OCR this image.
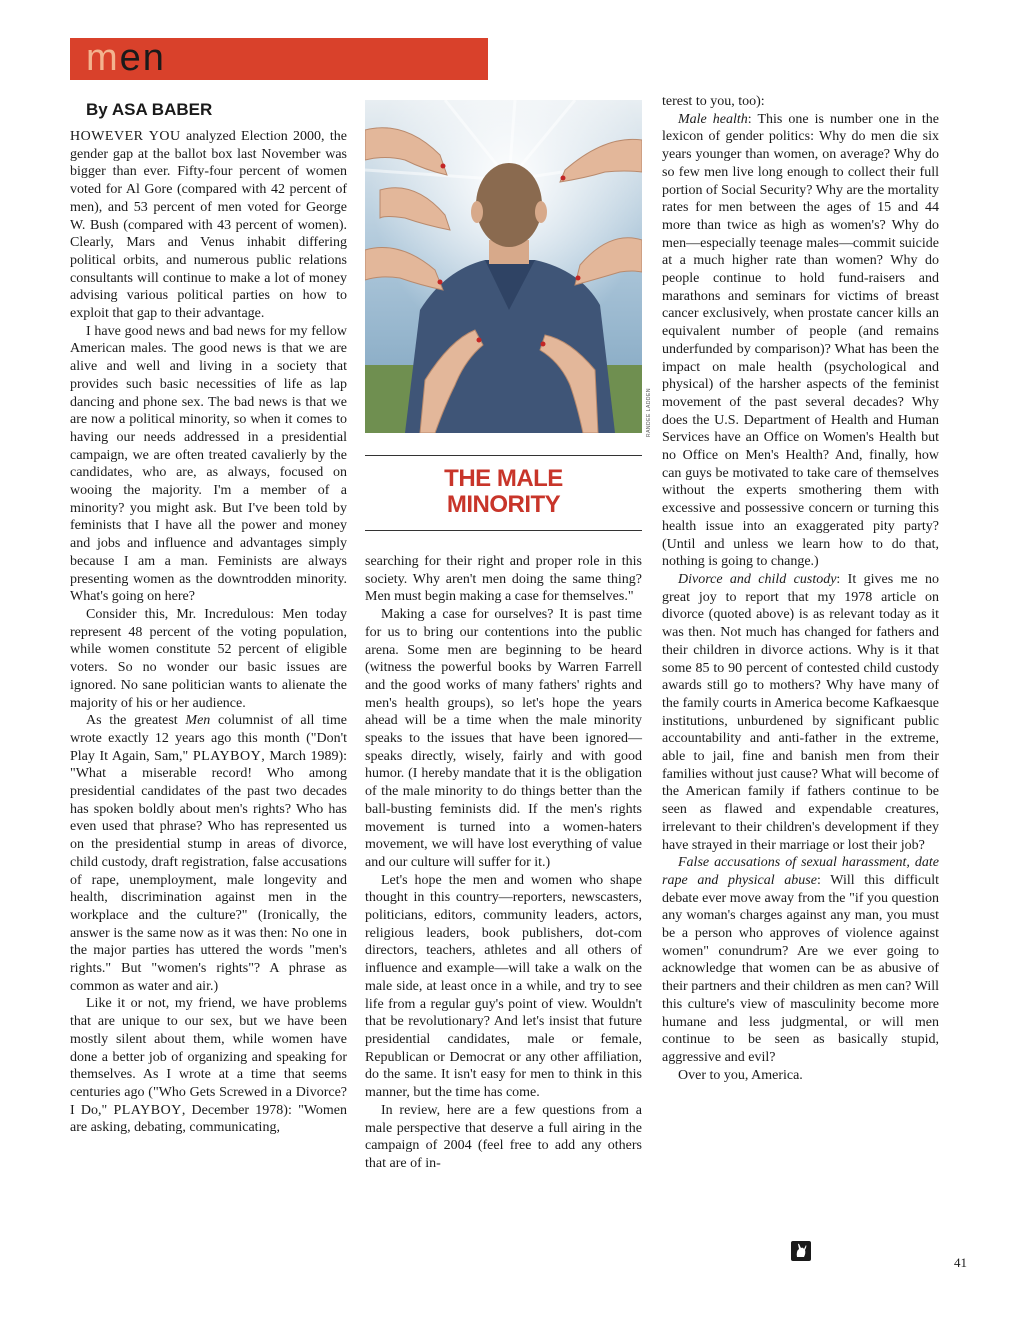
men
By ASA BABER

HOWEVER YOU analyzed Election 2000, the gender gap at the ballot box last November was bigger than ever. Fifty-four percent of women voted for Al Gore (compared with 42 percent of men), and 53 percent of men voted for George W. Bush (compared with 43 percent of women). Clearly, Mars and Venus inhabit differing political orbits, and numerous public relations consultants will continue to make a lot of money advising various political parties on how to exploit that gap to their advantage.

I have good news and bad news for my fellow American males. The good news is that we are alive and well and living in a society that provides such basic necessities of life as lap dancing and phone sex. The bad news is that we are now a political minority, so when it comes to having our needs addressed in a presidential campaign, we are often treated cavalierly by the candidates, who are, as always, focused on wooing the majority. I'm a member of a minority? you might ask. But I've been told by feminists that I have all the power and money and jobs and influence and advantages simply because I am a man. Feminists are always presenting women as the downtrodden minority. What's going on here?

Consider this, Mr. Incredulous: Men today represent 48 percent of the voting population, while women constitute 52 percent of eligible voters. So no wonder our basic issues are ignored. No sane politician wants to alienate the majority of his or her audience.

As the greatest Men columnist of all time wrote exactly 12 years ago this month ("Don't Play It Again, Sam," PLAYBOY, March 1989): "What a miserable record! Who among presidential candidates of the past two decades has spoken boldly about men's rights? Who has even used that phrase? Who has represented us on the presidential stump in areas of divorce, child custody, draft registration, false accusations of rape, unemployment, male longevity and health, discrimination against men in the workplace and the culture?" (Ironically, the answer is the same now as it was then: No one in the major parties has uttered the words "men's rights." But "women's rights"? A phrase as common as water and air.)

Like it or not, my friend, we have problems that are unique to our sex, but we have been mostly silent about them, while women have done a better job of organizing and speaking for themselves. As I wrote at a time that seems centuries ago ("Who Gets Screwed in a Divorce? I Do," PLAYBOY, December 1978): "Women are asking, debating, communicating,

RANDEE LADDEN
THE MALE
MINORITY

searching for their right and proper role in this society. Why aren't men doing the same thing? Men must begin making a case for themselves."

Making a case for ourselves? It is past time for us to bring our contentions into the public arena. Some men are beginning to be heard (witness the powerful books by Warren Farrell and the good works of many fathers' rights and men's health groups), so let's hope the years ahead will be a time when the male minority speaks to the issues that have been ignored—speaks directly, wisely, fairly and with good humor. (I hereby mandate that it is the obligation of the male minority to do things better than the ball-busting feminists did. If the men's rights movement is turned into a women-haters movement, we will have lost everything of value and our culture will suffer for it.)

Let's hope the men and women who shape thought in this country—reporters, newscasters, politicians, editors, community leaders, actors, religious leaders, book publishers, dot-com directors, teachers, athletes and all others of influence and example—will take a walk on the male side, at least once in a while, and try to see life from a regular guy's point of view. Wouldn't that be revolutionary? And let's insist that future presidential candidates, male or female, Republican or Democrat or any other affiliation, do the same. It isn't easy for men to think in this manner, but the time has come.

In review, here are a few questions from a male perspective that deserve a full airing in the campaign of 2004 (feel free to add any others that are of in-

terest to you, too):

Male health: This one is number one in the lexicon of gender politics: Why do men die six years younger than women, on average? Why do so few men live long enough to collect their full portion of Social Security? Why are the mortality rates for men between the ages of 15 and 44 more than twice as high as women's? Why do men—especially teenage males—commit suicide at a much higher rate than women? Why do people continue to hold fund-raisers and marathons and seminars for victims of breast cancer exclusively, when prostate cancer kills an equivalent number of people (and remains underfunded by comparison)? What has been the impact on male health (psychological and physical) of the harsher aspects of the feminist movement of the past several decades? Why does the U.S. Department of Health and Human Services have an Office on Women's Health but no Office on Men's Health? And, finally, how can guys be motivated to take care of themselves without the experts smothering them with excessive and possessive concern or turning this health issue into an exaggerated pity party? (Until and unless we learn how to do that, nothing is going to change.)

Divorce and child custody: It gives me no great joy to report that my 1978 article on divorce (quoted above) is as relevant today as it was then. Not much has changed for fathers and their children in divorce actions. Why is it that some 85 to 90 percent of contested child custody awards still go to mothers? Why have many of the family courts in America become Kafkaesque institutions, unburdened by significant public accountability and anti-father in the extreme, able to jail, fine and banish men from their families without just cause? What will become of the American family if fathers continue to be seen as flawed and expendable creatures, irrelevant to their children's development if they have strayed in their marriage or lost their job?

False accusations of sexual harassment, date rape and physical abuse: Will this difficult debate ever move away from the "if you question any woman's charges against any man, you must be a person who approves of violence against women" conundrum? Are we ever going to acknowledge that women can be as abusive of their partners and their children as men can? Will this culture's view of masculinity become more humane and less judgmental, or will men continue to be seen as basically stupid, aggressive and evil?

Over to you, America.

41
